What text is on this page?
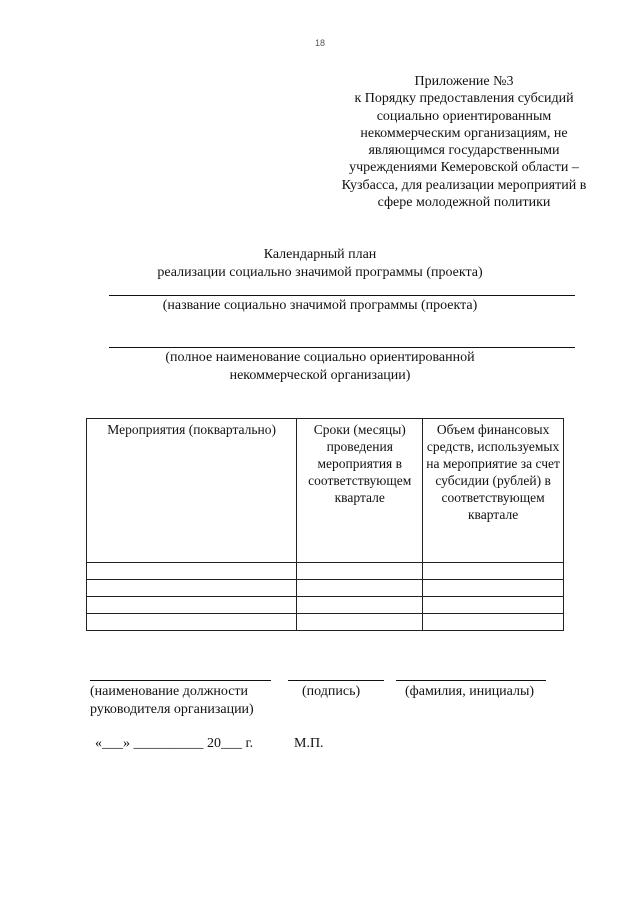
18
Приложение №3
к Порядку предоставления субсидий
социально ориентированным
некоммерческим организациям, не
являющимся государственными
учреждениями Кемеровской области –
Кузбасса, для реализации мероприятий в
сфере молодежной политики
Календарный план
реализации социально значимой программы (проекта)
(название социально значимой программы (проекта)
(полное наименование социально ориентированной
некоммерческой организации)
Мероприятия (поквартально)	Сроки (месяцы) проведения мероприятия в соответствующем квартале	Объем финансовых средств, используемых на мероприятие за счет субсидии (рублей) в соответствующем квартале

(наименование должности
руководителя организации)
(подпись)	(фамилия, инициалы)
«___» __________ 20___ г.	М.П.
